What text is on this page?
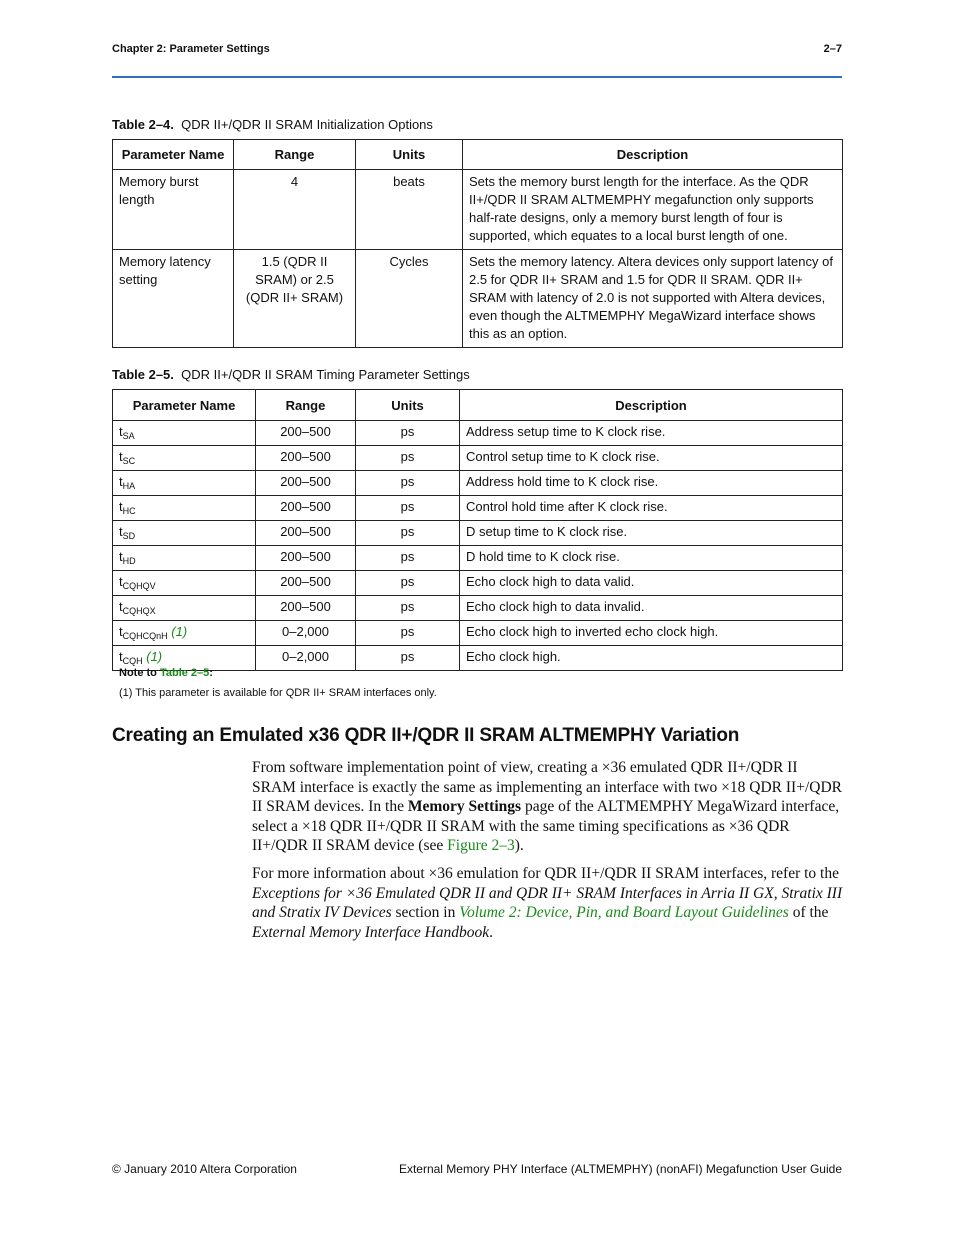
Chapter 2: Parameter Settings	2–7
Table 2–4. QDR II+/QDR II SRAM Initialization Options
Parameter Name	Range	Units	Description
Memory burst length	4	beats	Sets the memory burst length for the interface. As the QDR II+/QDR II SRAM ALTMEMPHY megafunction only supports half-rate designs, only a memory burst length of four is supported, which equates to a local burst length of one.
Memory latency setting	1.5 (QDR II SRAM) or 2.5 (QDR II+ SRAM)	Cycles	Sets the memory latency. Altera devices only support latency of 2.5 for QDR II+ SRAM and 1.5 for QDR II SRAM. QDR II+ SRAM with latency of 2.0 is not supported with Altera devices, even though the ALTMEMPHY MegaWizard interface shows this as an option.
Table 2–5. QDR II+/QDR II SRAM Timing Parameter Settings
Parameter Name	Range	Units	Description
$t_{SA}$	200–500	ps	Address setup time to K clock rise.
$t_{SC}$	200–500	ps	Control setup time to K clock rise.
$t_{HA}$	200–500	ps	Address hold time to K clock rise.
$t_{HC}$	200–500	ps	Control hold time after K clock rise.
$t_{SD}$	200–500	ps	D setup time to K clock rise.
$t_{HD}$	200–500	ps	D hold time to K clock rise.
$t_{CQHQV}$	200–500	ps	Echo clock high to data valid.
$t_{CQHQX}$	200–500	ps	Echo clock high to data invalid.
$t_{CQHCQnH}$ (1)	0–2,000	ps	Echo clock high to inverted echo clock high.
$t_{CQH}$ (1)	0–2,000	ps	Echo clock high.
Note to Table 2–5:
(1) This parameter is available for QDR II+ SRAM interfaces only.
Creating an Emulated x36 QDR II+/QDR II SRAM ALTMEMPHY Variation
From software implementation point of view, creating a ×36 emulated QDR II+/QDR II SRAM interface is exactly the same as implementing an interface with two ×18 QDR II+/QDR II SRAM devices. In the Memory Settings page of the ALTMEMPHY MegaWizard interface, select a ×18 QDR II+/QDR II SRAM with the same timing specifications as ×36 QDR II+/QDR II SRAM device (see Figure 2–3).
For more information about ×36 emulation for QDR II+/QDR II SRAM interfaces, refer to the Exceptions for ×36 Emulated QDR II and QDR II+ SRAM Interfaces in Arria II GX, Stratix III and Stratix IV Devices section in Volume 2: Device, Pin, and Board Layout Guidelines of the External Memory Interface Handbook.
© January 2010 Altera Corporation	External Memory PHY Interface (ALTMEMPHY) (nonAFI) Megafunction User Guide
